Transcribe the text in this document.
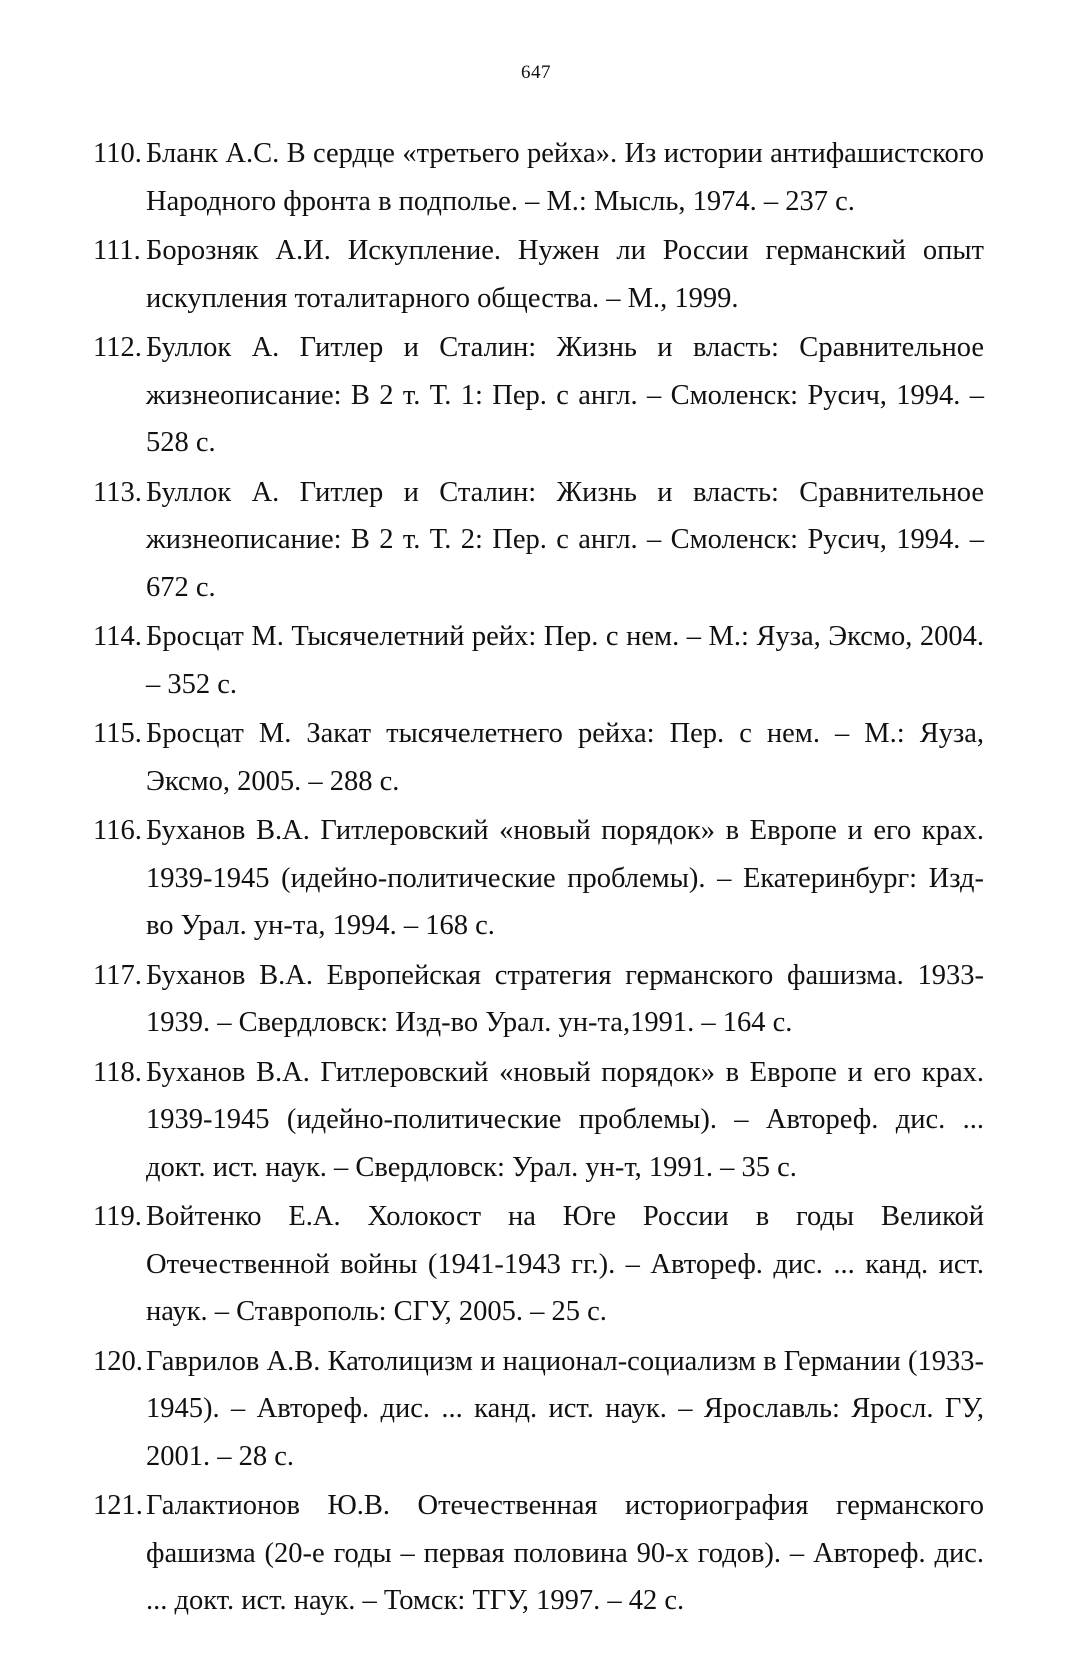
647
110. Бланк А.С. В сердце «третьего рейха». Из истории антифашистского Народного фронта в подполье. – М.: Мысль, 1974. – 237 с.
111. Борозняк А.И. Искупление. Нужен ли России германский опыт искупления тоталитарного общества. – М., 1999.
112. Буллок А. Гитлер и Сталин: Жизнь и власть: Сравнительное жизнеописание: В 2 т. Т. 1: Пер. с англ. – Смоленск: Русич, 1994. – 528 с.
113. Буллок А. Гитлер и Сталин: Жизнь и власть: Сравнительное жизнеописание: В 2 т. Т. 2: Пер. с англ. – Смоленск: Русич, 1994. – 672 с.
114. Бросцат М. Тысячелетний рейх: Пер. с нем. – М.: Яуза, Эксмо, 2004. – 352 с.
115. Бросцат М. Закат тысячелетнего рейха: Пер. с нем. – М.: Яуза, Эксмо, 2005. – 288 с.
116. Буханов В.А. Гитлеровский «новый порядок» в Европе и его крах. 1939-1945 (идейно-политические проблемы). – Екатеринбург: Изд-во Урал. ун-та, 1994. – 168 с.
117. Буханов В.А. Европейская стратегия германского фашизма. 1933-1939. – Свердловск: Изд-во Урал. ун-та,1991. – 164 с.
118. Буханов В.А. Гитлеровский «новый порядок» в Европе и его крах. 1939-1945 (идейно-политические проблемы). – Автореф. дис. ... докт. ист. наук. – Свердловск: Урал. ун-т, 1991. – 35 с.
119. Войтенко Е.А. Холокост на Юге России в годы Великой Отечественной войны (1941-1943 гг.). – Автореф. дис. ... канд. ист. наук. – Ставрополь: СГУ, 2005. – 25 с.
120. Гаврилов А.В. Католицизм и национал-социализм в Германии (1933-1945). – Автореф. дис. ... канд. ист. наук. – Ярославль: Яросл. ГУ, 2001. – 28 с.
121. Галактионов Ю.В. Отечественная историография германского фашизма (20-е годы – первая половина 90-х годов). – Автореф. дис. ... докт. ист. наук. – Томск: ТГУ, 1997. – 42 с.
